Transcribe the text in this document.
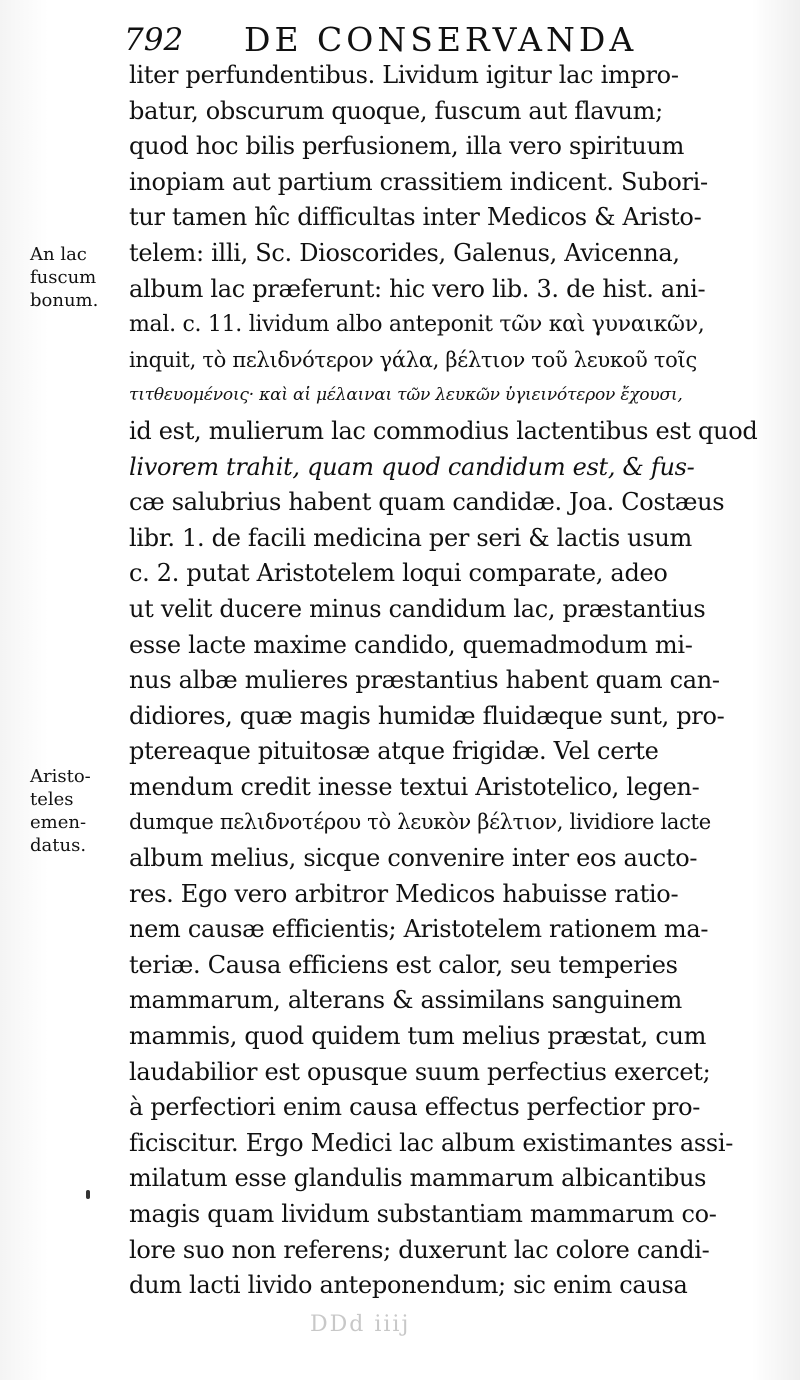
792 DE CONSERVANDA
liter perfundentibus. Lividum igitur lac impro-
batur, obscurum quoque, fuscum aut flavum;
quod hoc bilis perfusionem, illa vero spirituum
inopiam aut partium crassitiem indicent. Subori-
tur tamen hîc difficultas inter Medicos & Aristo-
telem: illi, Sc. Dioscorides, Galenus, Avicenna,
album lac præferunt: hic vero lib. 3. de hist. ani-
mal. c. 11. lividum albo anteponit τῶν καὶ γυναικῶν,
inquit, τὸ πελιδνότερον γάλα, βέλτιον τοῦ λευκοῦ τοῖς
τιτθευομένοις· καὶ αἱ μέλαιναι τῶν λευκῶν ὑγιεινότερον ἔχουσι,
id est, mulierum lac commodius lactentibus est quod
livorem trahit, quam quod candidum est, & fus-
cæ salubrius habent quam candidæ. Joa. Costæus
libr. 1. de facili medicina per seri & lactis usum
c. 2. putat Aristotelem loqui comparate, adeo
ut velit ducere minus candidum lac, præstantius
esse lacte maxime candido, quemadmodum mi-
nus albæ mulieres præstantius habent quam can-
didiores, quæ magis humidæ fluidæque sunt, pro-
ptereaque pituitosæ atque frigidæ. Vel certe
mendum credit inesse textui Aristotelico, legen-
dumque πελιδνοτέρου τὸ λευκὸν βέλτιον, lividiore lacte
album melius, sicque convenire inter eos aucto-
res. Ego vero arbitror Medicos habuisse ratio-
nem causæ efficientis; Aristotelem rationem ma-
teriæ. Causa efficiens est calor, seu temperies
mammarum, alterans & assimilans sanguinem
mammis, quod quidem tum melius præstat, cum
laudabilior est opusque suum perfectius exercet;
à perfectiori enim causa effectus perfectior pro-
ficiscitur. Ergo Medici lac album existimantes assi-
milatum esse glandulis mammarum albicantibus
magis quam lividum substantiam mammarum co-
lore suo non referens; duxerunt lac colore candi-
dum lacti livido anteponendum; sic enim causa
An lac
fuscum
bonum.
Aristo-
teles
emen-
datus.
DDd iiij
